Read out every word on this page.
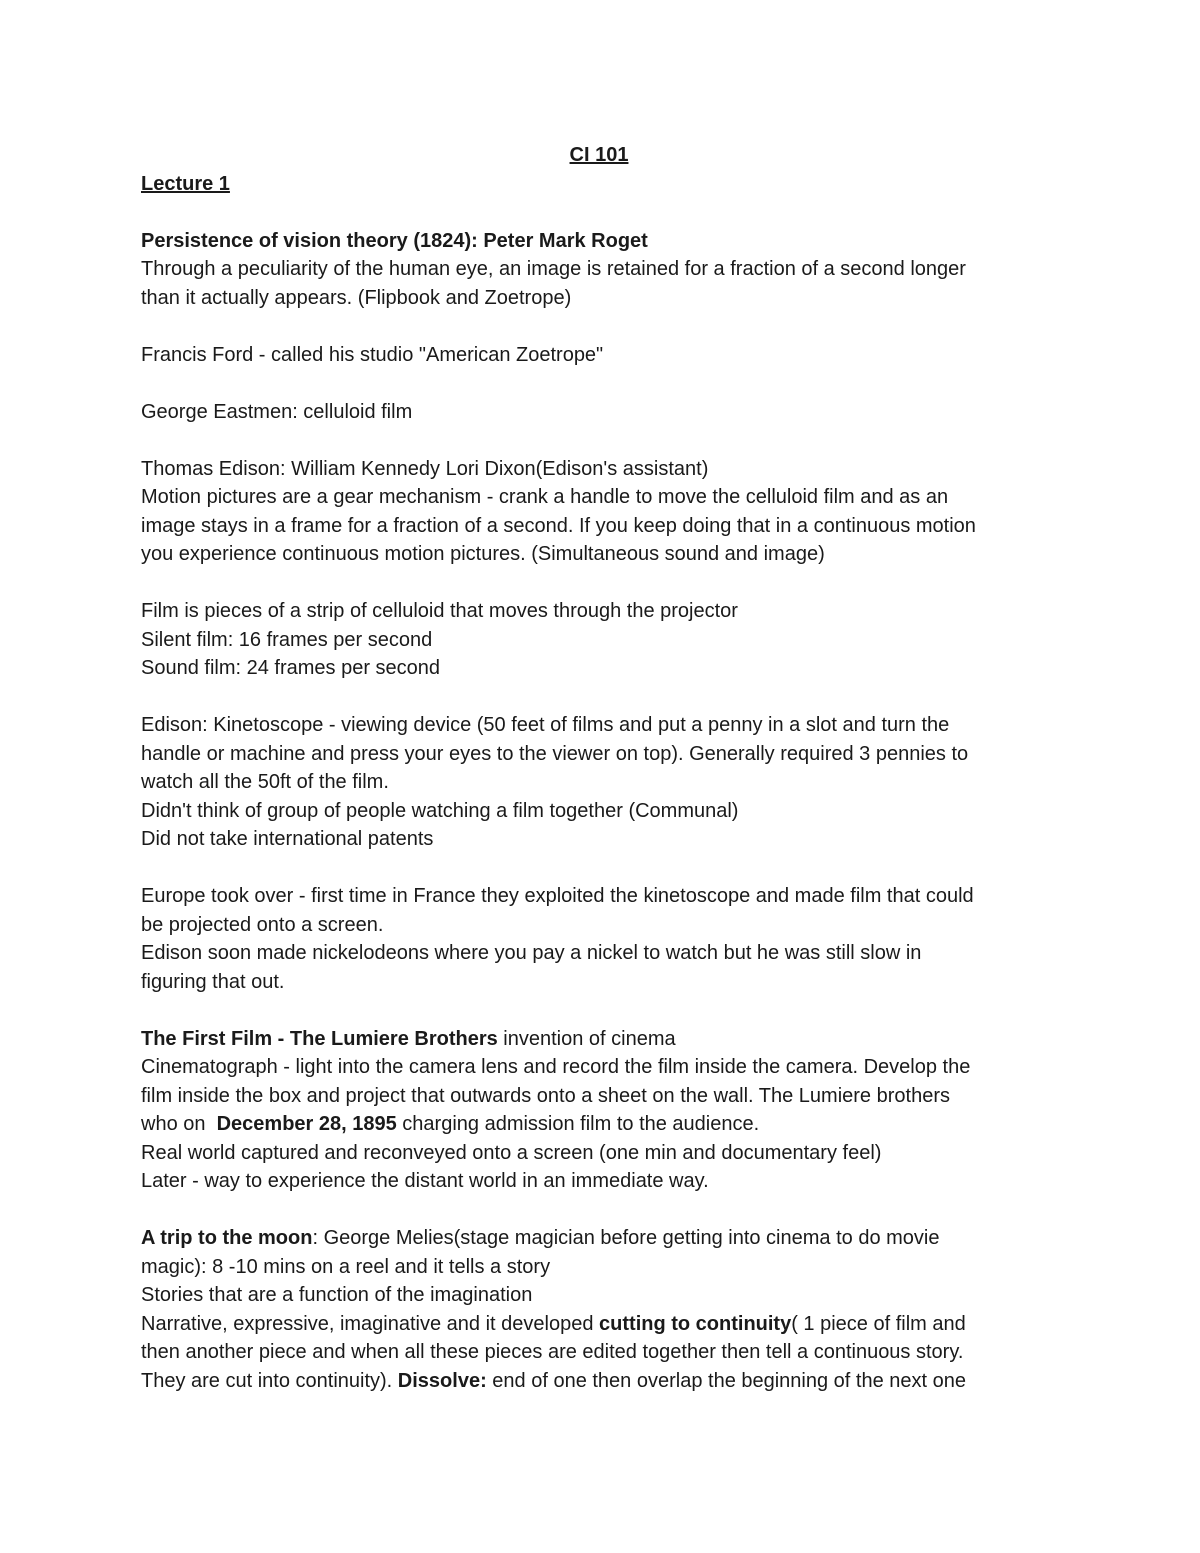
CI 101
Lecture 1
Persistence of vision theory (1824): Peter Mark Roget
Through a peculiarity of the human eye, an image is retained for a fraction of a second longer
than it actually appears. (Flipbook and Zoetrope)
Francis Ford - called his studio "American Zoetrope"
George Eastmen: celluloid film
Thomas Edison: William Kennedy Lori Dixon(Edison's assistant)
Motion pictures are a gear mechanism - crank a handle to move the celluloid film and as an
image stays in a frame for a fraction of a second. If you keep doing that in a continuous motion
you experience continuous motion pictures. (Simultaneous sound and image)
Film is pieces of a strip of celluloid that moves through the projector
Silent film: 16 frames per second
Sound film: 24 frames per second
Edison: Kinetoscope - viewing device (50 feet of films and put a penny in a slot and turn the
handle or machine and press your eyes to the viewer on top). Generally required 3 pennies to
watch all the 50ft of the film.
Didn't think of group of people watching a film together (Communal)
Did not take international patents
Europe took over - first time in France they exploited the kinetoscope and made film that could
be projected onto a screen.
Edison soon made nickelodeons where you pay a nickel to watch but he was still slow in
figuring that out.
The First Film - The Lumiere Brothers invention of cinema
Cinematograph - light into the camera lens and record the film inside the camera. Develop the
film inside the box and project that outwards onto a sheet on the wall. The Lumiere brothers
who on  December 28, 1895 charging admission film to the audience.
Real world captured and reconveyed onto a screen (one min and documentary feel)
Later - way to experience the distant world in an immediate way.
A trip to the moon: George Melies(stage magician before getting into cinema to do movie
magic): 8 -10 mins on a reel and it tells a story
Stories that are a function of the imagination
Narrative, expressive, imaginative and it developed cutting to continuity( 1 piece of film and
then another piece and when all these pieces are edited together then tell a continuous story.
They are cut into continuity). Dissolve: end of one then overlap the beginning of the next one
